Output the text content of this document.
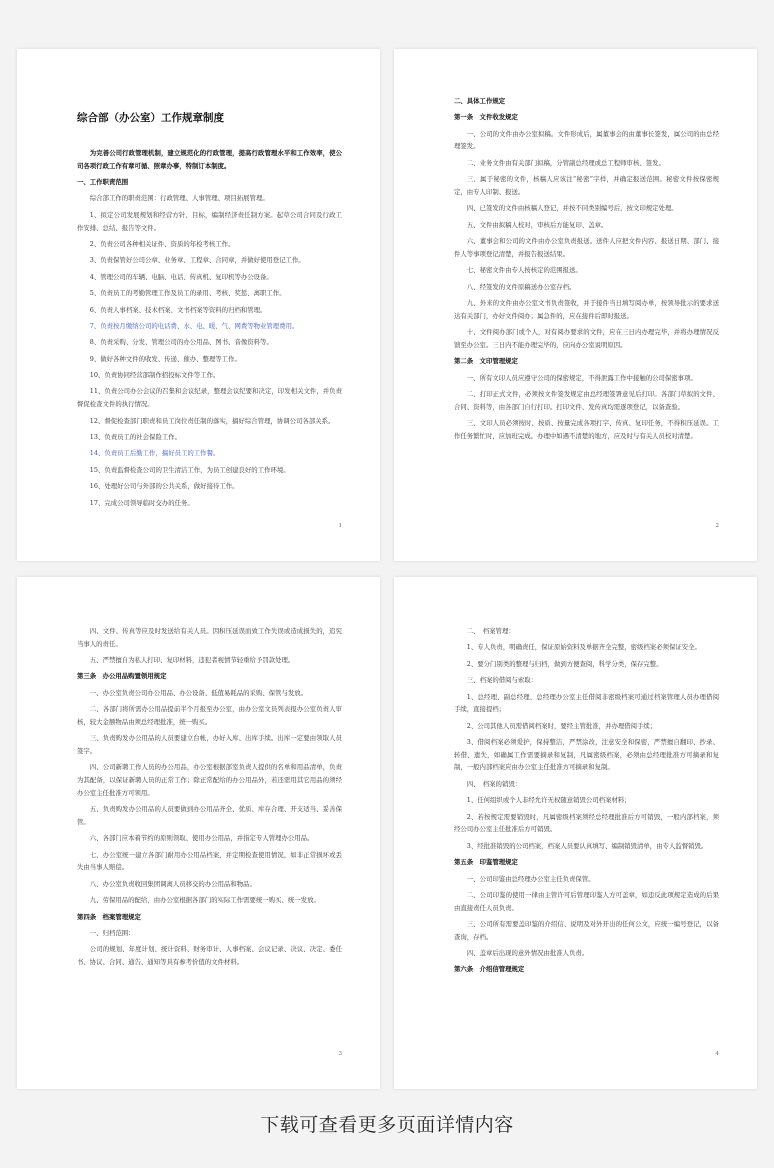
综合部（办公室）工作规章制度

为完善公司行政管理机制，建立规范化的行政管理，提高行政管理水平和工作效率，使公司各项行政工作有章可循、照章办事，特制订本制度。

一、工作职责范围

综合部工作的职责范围：行政管理、人事管理、项目拓展管理。

1、拟定公司发展规划和经营方针、目标，编制经济责任制方案。起草公司合同及行政工作安排、总结、报告等文件。

2、负责公司各种相关证件、资质的年检考核工作。

3、负责保管好公司公章、业务章、工程章、合同章，并做好使用登记工作。

4、管理公司的车辆、电脑、电话、传真机、复印机等办公设备。

5、负责员工的考勤管理工作及员工的录用、考核、奖惩、离职工作。

6、负责人事档案、技术档案、文书档案等资料的归档和管理。

7、负责按月缴纳公司的电话费、水、电、暖、气、网费等物业管理费用。

8、负责采购、分发、管理公司的办公用品、图书、音像资料等。

9、做好各种文件的收发、传递、催办、整理等工作。

10、负责协同经营部制作招投标文件等工作。

11、负责公司办公会议的召集和会议纪录，整理会议纪要和决定，印发相关文件，并负责督促检查文件的执行情况。

12、督促检查部门职责和员工岗位责任制的落实，搞好综合管理，协调公司各部关系。

13、负责员工的社会保险工作。

14、负责员工后勤工作，搞好员工的工作餐。

15、负责监督检查公司的卫生清洁工作，为员工创建良好的工作环境。

16、处理好公司与外部的公共关系，做好接待工作。

17、完成公司领导临时交办的任务。

1

二、具体工作规定

第一条　文件收发规定

一、公司的文件由办公室拟稿。文件形成后，属董事会的由董事长签发，属公司的由总经理签发。

二、业务文件由有关部门拟稿，分管副总经理或总工程师审核、签发。

三、属于秘密的文件，核稿人应该注“秘密”字样，并确定报送范围。秘密文件按保密规定，由专人印制、报送。

四、已签发的文件由核稿人登记，并按不同类别编号后，按文印规定处理。

五、文件由拟稿人校对，审核后方能复印、盖章。

六、董事会和公司的文件由办公室负责报送。送件人应把文件内容、报送日期、部门、接件人等事项登记清楚，并报告报送结果。

七、秘密文件由专人按核定的范围报送。

八、经签发的文件原稿送办公室存档。

九、外来的文件由办公室文书负责签收，并于接件当日填写阅办单，按领导批示的要求送达有关部门，办好文件阅办；属急件的，应在接件后即时报送。

十、文件阅办部门或个人，对有阅办要求的文件，应在三日内办理完毕，并将办理情况反馈至办公室。三日内不能办理完毕的，应向办公室说明原因。

第二条　文印管理规定

一、所有文印人员应遵守公司的保密规定，不得泄露工作中接触的公司保密事项。

二、打印正式文件，必须按文件签发规定由总经理签署意见后打印。各部门草拟的文件、合同、资料等，由各部门自行打印。打印文件、发传真均需逐项登记，以备查验。

三、文印人员必须按时、按质、按量完成各项打字、传真、复印任务，不得积压延误。工作任务繁忙时，应加班完成。办理中如遇不清楚的地方，应及时与有关人员校对清楚。

2

四、文件、传真等应及时发送给有关人员。因积压延误而致工作失误或造成损失的，追究当事人的责任。

五、严禁擅自为私人打印、复印材料，违犯者视情节轻重给予罚款处理。

第三条　办公用品购置领用规定

一、办公室负责公司办公用品、办公设备、低值易耗品的采购、保管与发放。

二、各部门将所需办公用品提前半个月报至办公室，由办公室文员列表报办公室负责人审核，较大金额物品由须总经理批准，统一购买。

三、负责购发办公用品的人员要建立台帐，办好入库、出库手续。出库一定要由领取人员签字。

四、公司新聘工作人员的办公用品，办公室根据部室负责人提供的名单和用品清单，负责为其配备，以保证新聘人员的正常工作；除正常配给的办公用品外，若还需用其它用品的须经办公室主任批准方可领用。

五、负责购发办公用品的人员要做到办公用品齐全、优质、库存合理、开支适当、妥善保管。

六、各部门应本着节约的原则领取、使用办公用品，并指定专人管理办公用品。

七、办公室统一建立各部门耐用办公用品档案，并定期检查使用情况，如非正常损坏或丢失由当事人赔偿。

八、办公室负责收回集团调离人员移交的办公用品和物品。

九、劳保用品的配给，由办公室根据各部门的实际工作需要统一购买、统一发放。

第四条　档案管理规定

一、归档范围：

公司的规划、年度计划、统计资料、财务审计、人事档案、会议记录、决议、决定、委任书、协议、合同、通告、通知等具有参考价值的文件材料。

3

二、　档案管理：

1、专人负责，明确责任，保证原始资料及单据齐全完整，密级档案必须保证安全。

2、要分门别类的整理与归档，做到方便查阅，科学分类，保存完整。

三、档案的借阅与索取：

1、总经理、副总经理、总经理办公室主任借阅非密级档案可通过档案管理人员办理借阅手续，直接提档；

2、公司其他人员需借阅档案时，要经主管批准，并办理借阅手续；

3、借阅档案必须爱护，保持整洁，严禁涂改，注意安全和保密，严禁擅自翻印、抄录、转借、遗失，如确属工作需要摘录和复制，凡属密级档案，必须由总经理批准方可摘录和复制，一般内部档案应由办公室主任批准方可摘录和复制。

四、　档案的销毁：

1、任何组织或个人非经允许无权随意销毁公司档案材料；

2、若按规定需要销毁时，凡属密级档案须经总经理批准后方可销毁，一般内部档案，须经公司办公室主任批准后方可销毁。

3、经批准销毁的公司档案，档案人员要认真填写、编制销毁清单，由专人监督销毁。

第五条　印鉴管理规定

一、公司印鉴由总经理办公室主任负责保管。

二、公司印鉴的使用一律由主管许可后管理印鉴人方可盖章，如违反此项规定造成的后果由直接责任人员负责。

三、公司所有需要盖印鉴的介绍信、说明及对外开出的任何公文，应统一编号登记，以备查询，存档。

四、盖章后出现的意外情况由批准人负责。

第六条　介绍信管理规定

4
下载可查看更多页面详情内容
